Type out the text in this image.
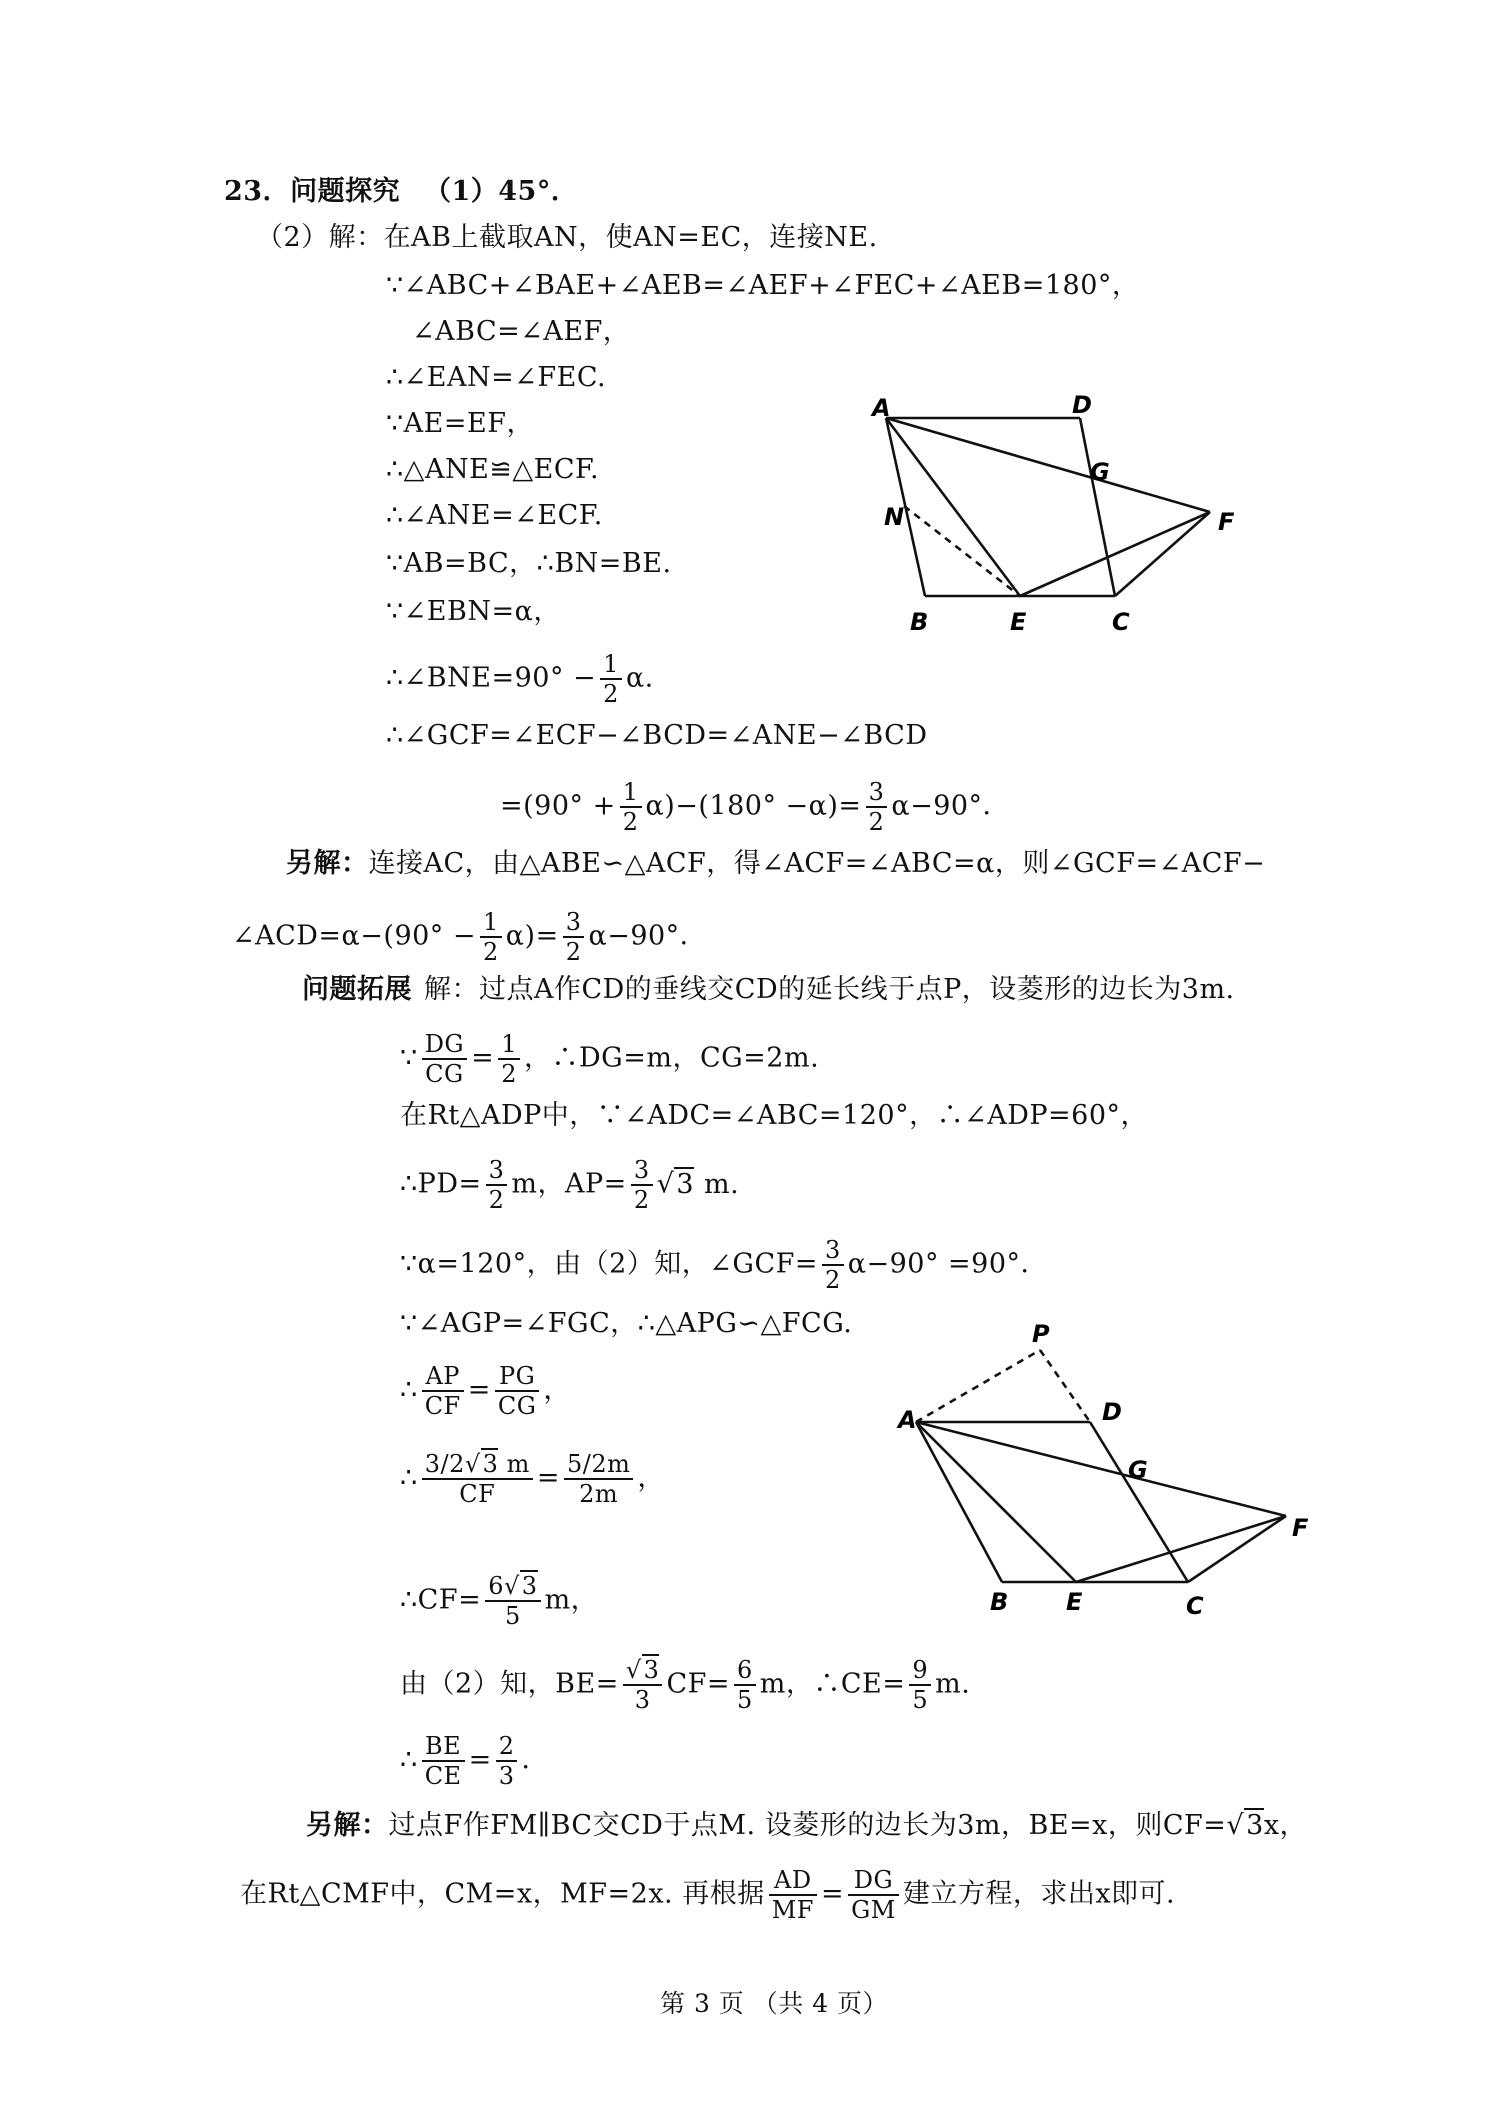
23．问题探究 （1）45°．
（2）解：在AB上截取AN，使AN=EC，连接NE.
∵∠ABC+∠BAE+∠AEB=∠AEF+∠FEC+∠AEB=180°，
∠ABC=∠AEF，
∴∠EAN=∠FEC.
∵AE=EF，
∴△ANE≌△ECF.
∴∠ANE=∠ECF.
∵AB=BC，∴BN=BE.
∵∠EBN=α，
∴∠BNE=90° − $\frac{1}{2} \alpha$.
∴∠GCF=∠ECF−∠BCD=∠ANE−∠BCD
$=(90^\circ + \frac{1}{2} \alpha)-(180^\circ -\alpha)= \frac{3}{2} \alpha-90^\circ$．
另解：连接AC，由△ABE∽△ACF，得∠ACF=∠ABC=α，则∠GCF=∠ACF−
∠ACD=α−(90° − $\frac{1}{2} \alpha)= \frac{3}{2} \alpha-90^\circ$．
问题拓展 解：过点A作CD的垂线交CD的延长线于点P，设菱形的边长为3m.
∵ $\frac{DG}{CG} = \frac{1}{2}$ ，∴DG=m，CG=2m.
在Rt△ADP中，∵∠ADC=∠ABC=120°，∴∠ADP=60°，
∴PD= $\frac{3}{2}$ m，$AP= \frac{3}{2} √3$ m.
∵α=120°，由（2）知，∠GCF= $\frac{3}{2} \alpha-90^\circ =90^\circ$．
∵∠AGP=∠FGC，∴△APG∽△FCG.
∴ $\frac{AP}{CF} = \frac{PG}{CG}$ ，
∴ $\frac{3/2√3 m}{CF} = \frac{5/2m}{2m}$ ，
∴CF= $\frac{6√3}{5}$ m，
由（2）知，$BE= \frac{√3}{3} CF= \frac{6}{5}$ m，∴CE= $\frac{9}{5} m$.
∴ $\frac{BE}{CE} = \frac{2}{3}$ ．
另解：过点F作FM∥BC交CD于点M. 设菱形的边长为3m，BE=x，则CF=√3x，
在Rt△CMF中，CM=x，MF=2x. 再根据 $\frac{AD}{MF} = \frac{DG}{GM}$ 建立方程，求出x即可.
第 3 页 （共 4 页）
A	D
G
N	F
B	E	C
A
P
D
G
F
B E	C
